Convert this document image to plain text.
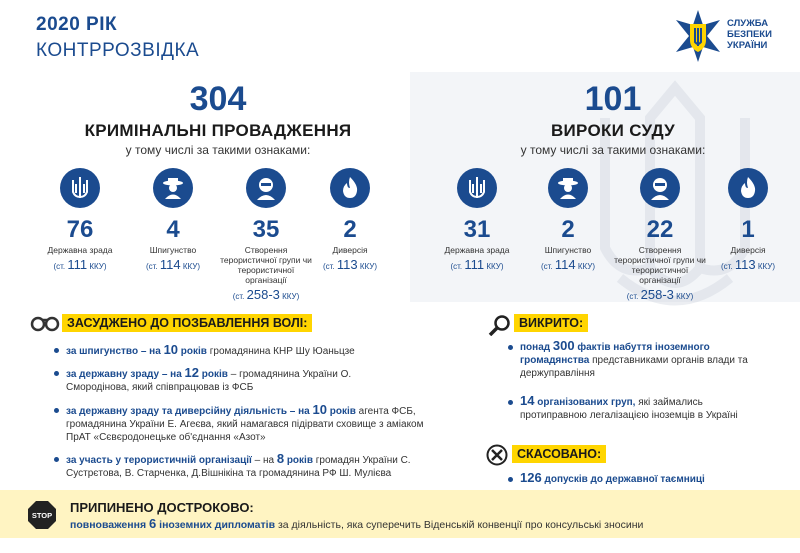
2020 РІК
КОНТРРОЗВІДКА
СЛУЖБА
БЕЗПЕКИ
УКРАЇНИ
304
КРИМІНАЛЬНІ ПРОВАДЖЕННЯ
у тому числі за такими ознаками:
101
ВИРОКИ СУДУ
у тому числі за такими ознаками:
76
Державна зрада
(ст. 111 ККУ)
4
Шпигунство
(ст. 114 ККУ)
35
Створення терористичної групи чи терористичної організації
(ст. 258-3 ККУ)
2
Диверсія
(ст. 113 ККУ)
31
Державна зрада
(ст. 111 ККУ)
2
Шпигунство
(ст. 114 ККУ)
22
Створення терористичної групи чи терористичної організації
(ст. 258-3 ККУ)
1
Диверсія
(ст. 113 ККУ)
ЗАСУДЖЕНО ДО ПОЗБАВЛЕННЯ ВОЛІ:
за шпигунство – на 10 років громадянина КНР Шу Юаньцзе
за державну зраду – на 12 років – громадянина України О. Смородінова, який співпрацював із ФСБ
за державну зраду та диверсійну діяльність – на 10 років агента ФСБ, громадянина України Е. Агеєва, який намагався підірвати сховище з аміаком ПрАТ «Сєвєродонецьке об'єднання «Азот»
за участь у терористичній організації – на 8 років громадян України С. Сустрєтова, В. Старченка, Д.Вішнікіна та громадянина РФ Ш. Мулієва
ВИКРИТО:
понад 300 фактів набуття іноземного громадянства представниками органів влади та держуправління
14 організованих груп, які займались протиправною легалізацією іноземців в Україні
СКАСОВАНО:
126 допусків до державної таємниці
STOP
ПРИПИНЕНО ДОСТРОКОВО:
повноваження 6 іноземних дипломатів за діяльність, яка суперечить Віденській конвенції про консульські зносини
